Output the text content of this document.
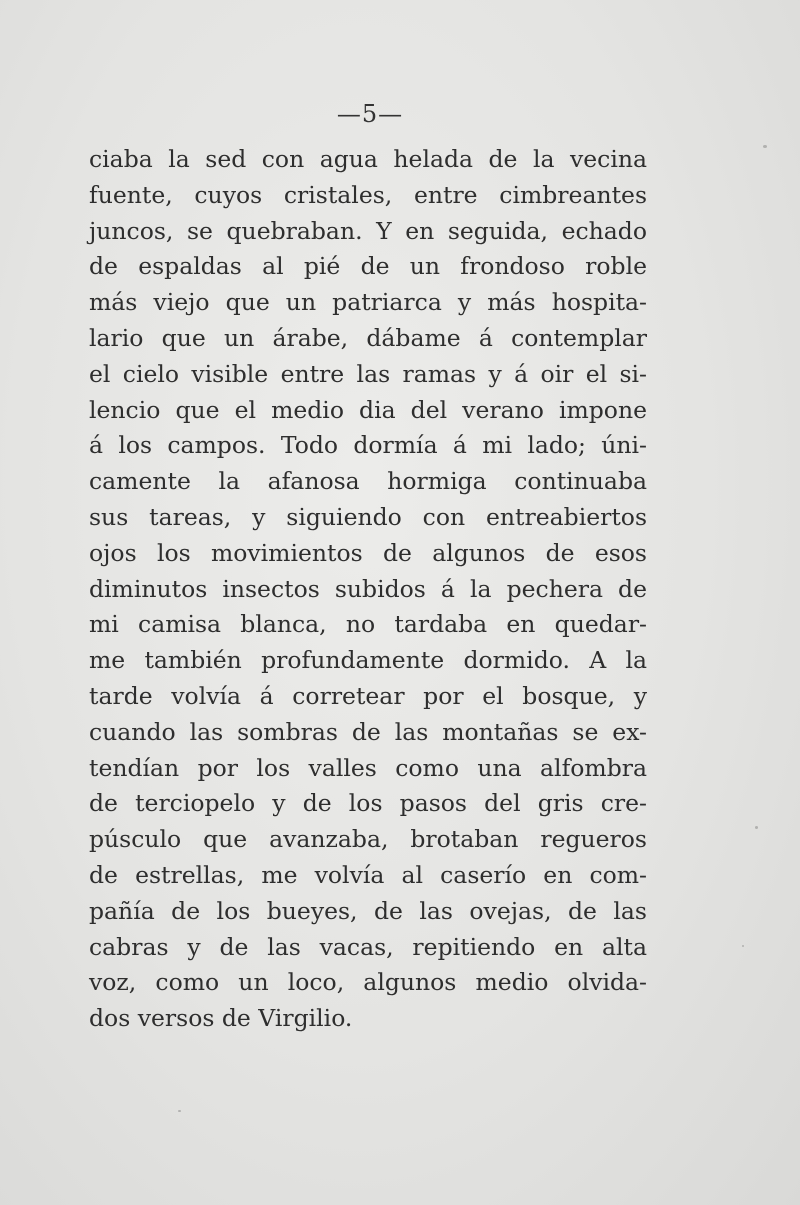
—5—
ciaba la sed con agua helada de la vecina
fuente, cuyos cristales, entre cimbreantes
juncos, se quebraban. Y en seguida, echado
de espaldas al pié de un frondoso roble
más viejo que un patriarca y más hospita-
lario que un árabe, dábame á contemplar
el cielo visible entre las ramas y á oir el si-
lencio que el medio dia del verano impone
á los campos. Todo dormía á mi lado; úni-
camente la afanosa hormiga continuaba
sus tareas, y siguiendo con entreabiertos
ojos los movimientos de algunos de esos
diminutos insectos subidos á la pechera de
mi camisa blanca, no tardaba en quedar-
me también profundamente dormido. A la
tarde volvía á corretear por el bosque, y
cuando las sombras de las montañas se ex-
tendían por los valles como una alfombra
de terciopelo y de los pasos del gris cre-
púsculo que avanzaba, brotaban regueros
de estrellas, me volvía al caserío en com-
pañía de los bueyes, de las ovejas, de las
cabras y de las vacas, repitiendo en alta
voz, como un loco, algunos medio olvida-
dos versos de Virgilio.
